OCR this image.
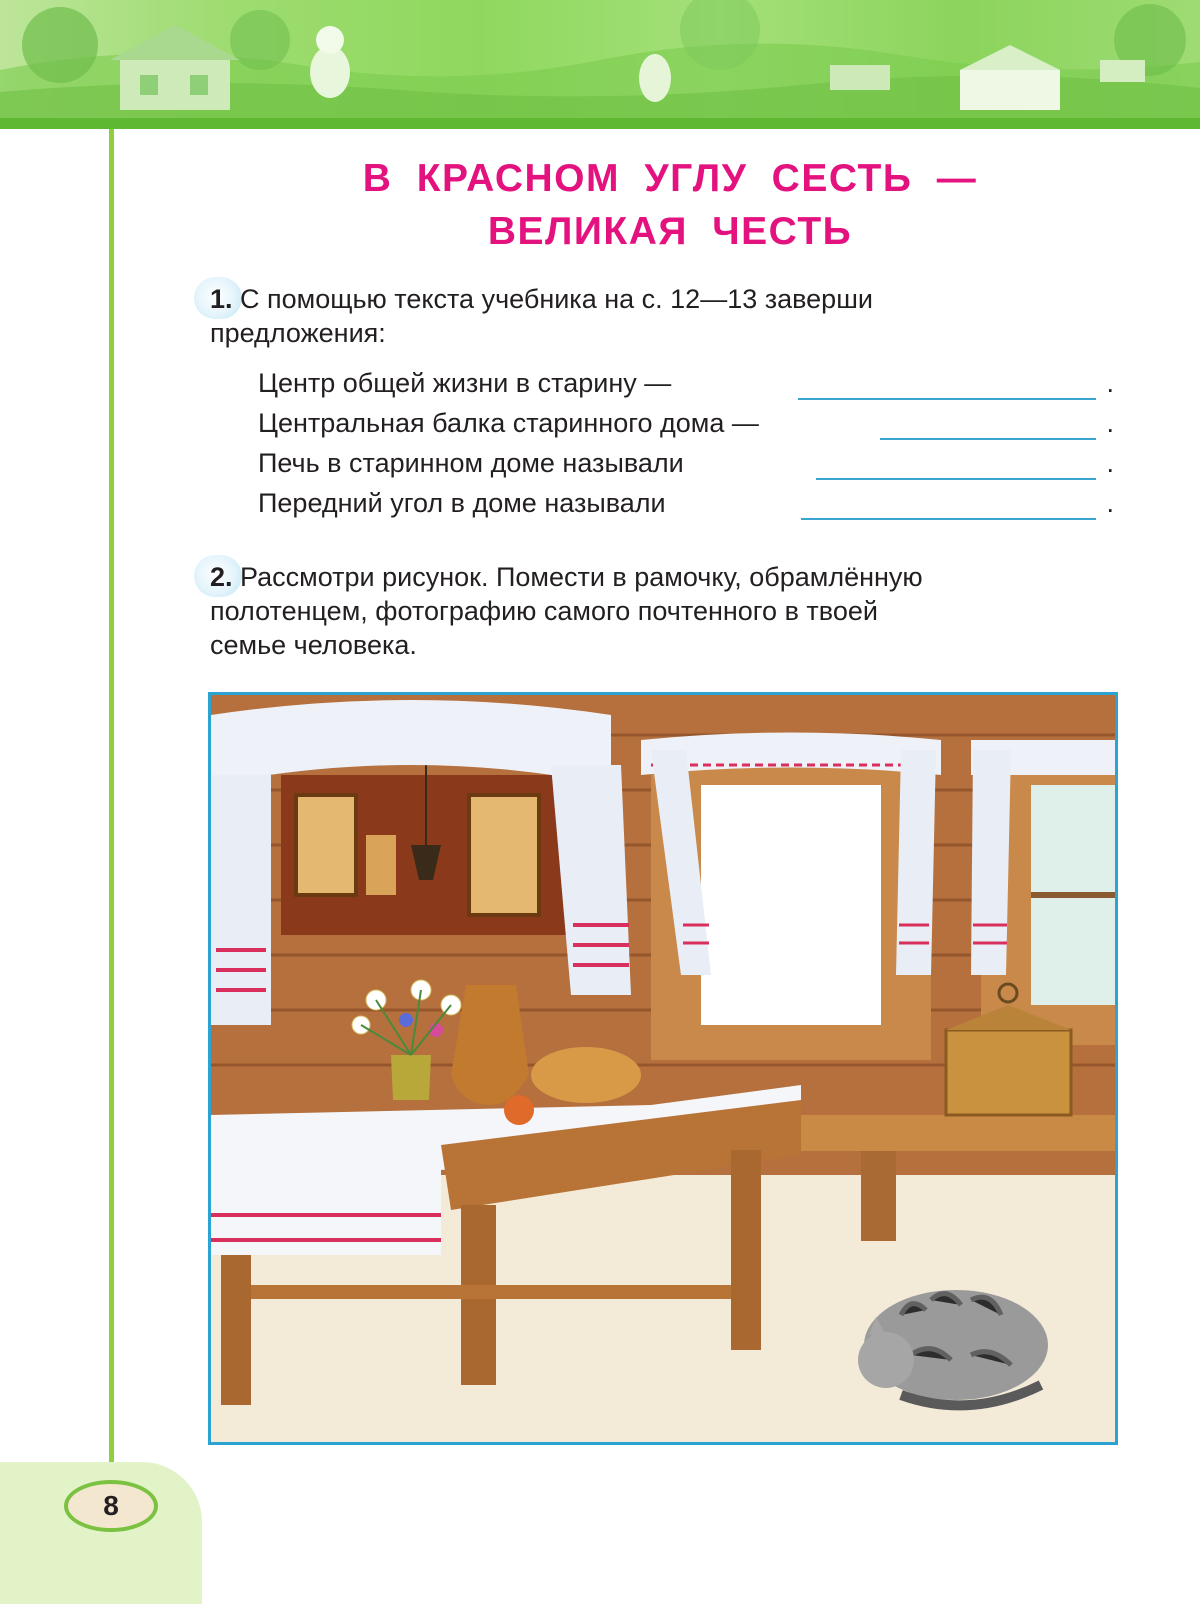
8
В КРАСНОМ УГЛУ СЕСТЬ —
ВЕЛИКАЯ ЧЕСТЬ

1. С помощью текста учебника на с. 12—13 заверши

предложения:

Центр общей жизни в старину —	.
Центральная балка старинного дома —	.
Печь в старинном доме называли	.
Передний угол в доме называли	.

2. Рассмотри рисунок. Помести в рамочку, обрамлённую

полотенцем, фотографию самого почтенного в твоей

семье человека.
